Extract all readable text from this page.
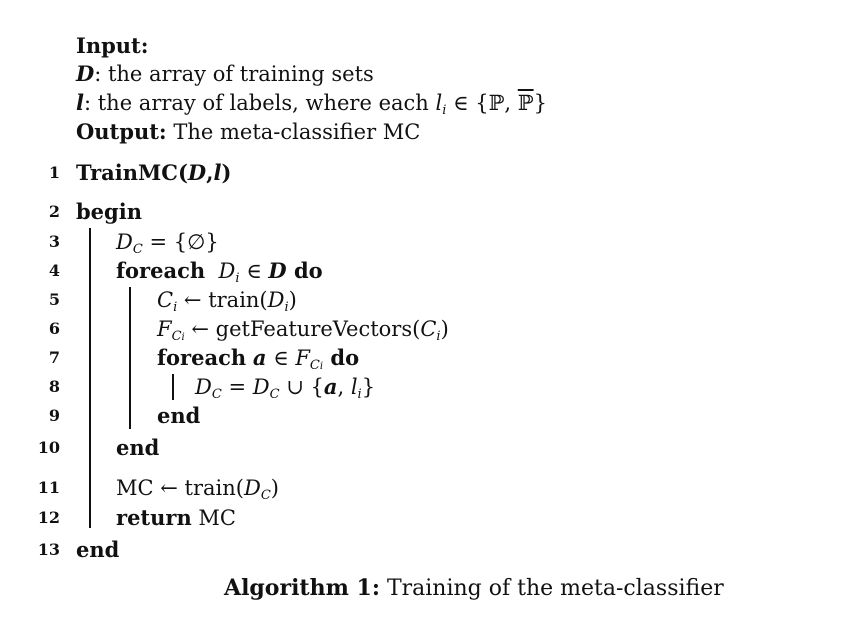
Input:
D: the array of training sets
l: the array of labels, where each $l_i$ ∈ {ℙ, ℙ}
Output: The meta-classifier MC
1
2
3
4
5
6
7
8
9
10
11
12
13
TrainMC(D,l)
begin
$D_C$ = {∅}
foreach $D_i$ ∈ D do
$C_i$ ← $train(D_i)$
$F_{Ci}$ ← $getFeatureVectors(C_i)$
foreach a ∈ $F_{Ci}$ do
$D_C = D_C$ ∪ {a, $l_i$}
end
end
MC ← $train(D_C)$
return MC
end
Algorithm 1: Training of the meta-classifier
